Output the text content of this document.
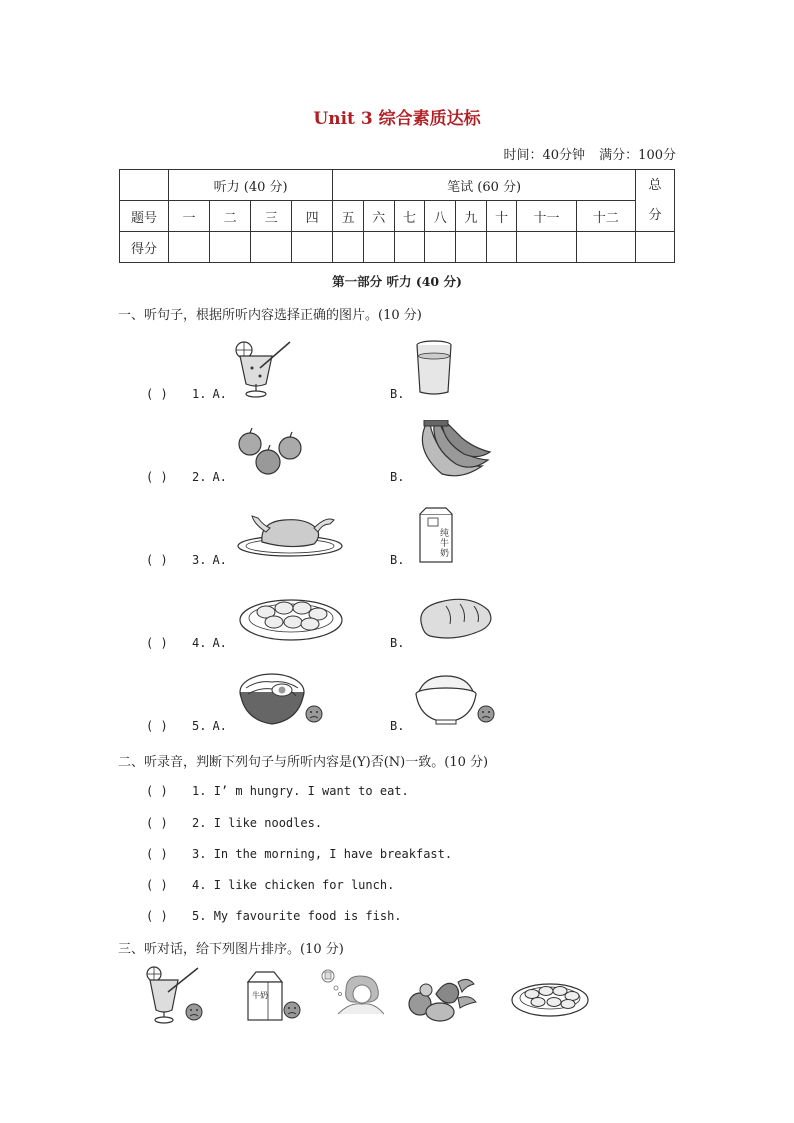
Unit 3 综合素质达标
时间：40分钟 满分：100分
	听力 (40 分)				笔试 (60 分)								总
分
题号	一	二	三	四	五	六	七	八	九	十	十一	十二	
得分													
第一部分 听力 (40 分)
一、听句子，根据所听内容选择正确的图片。(10 分)
( ) 1. A.	B.
( ) 2. A.	B.
( ) 3. A.	B.
纯牛奶
( ) 4. A.	B.
( ) 5. A.	B.
二、听录音，判断下列句子与所听内容是(Y)否(N)一致。(10 分)
( ) 1. I’ m hungry. I want to eat.
( ) 2. I like noodles.
( ) 3. In the morning, I have breakfast.
( ) 4. I like chicken for lunch.
( ) 5. My favourite food is fish.
三、听对话，给下列图片排序。(10 分)
牛奶
